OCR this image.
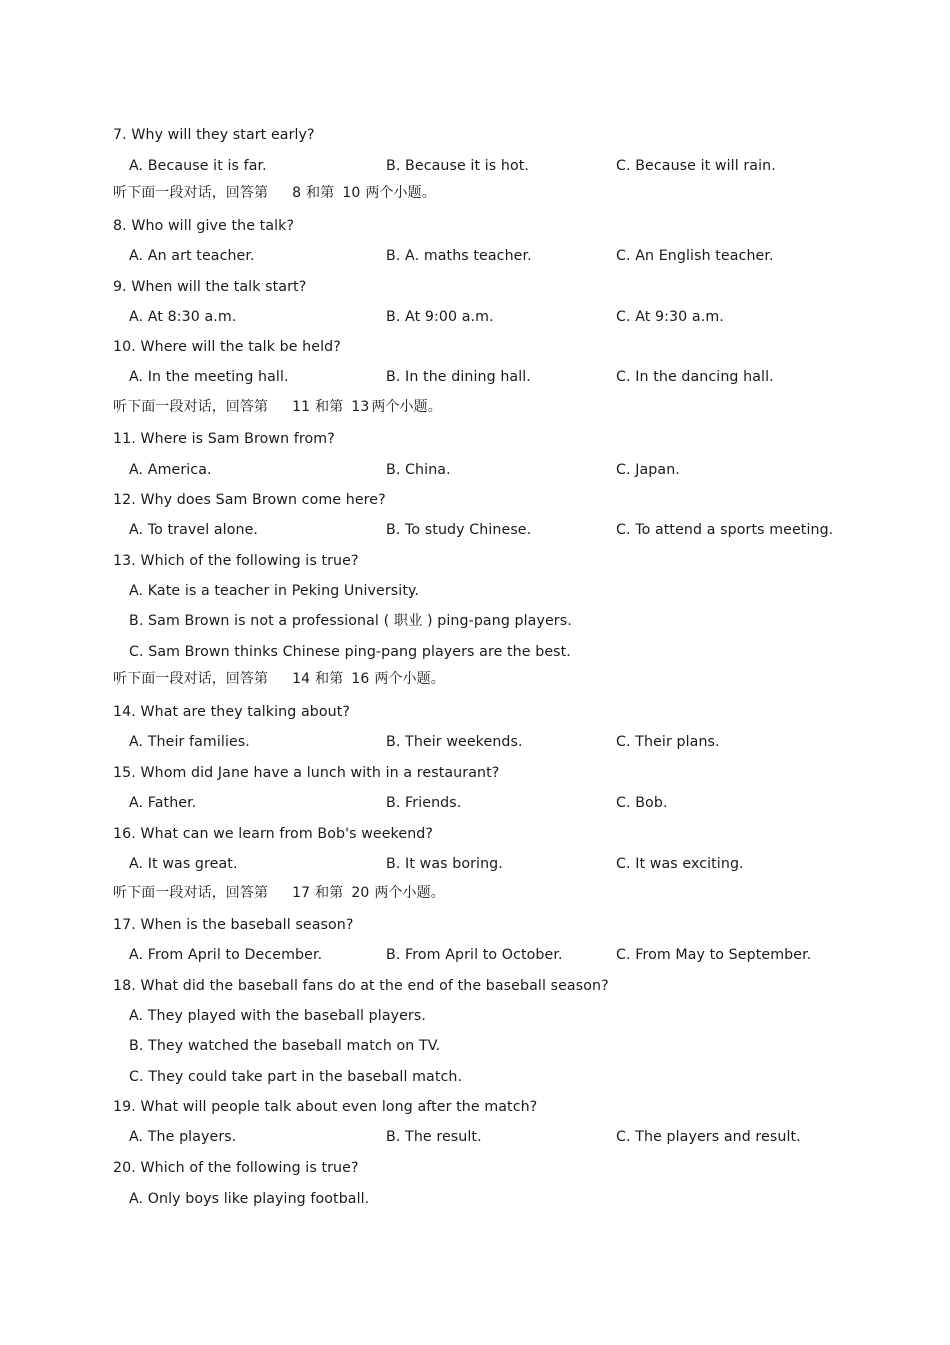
7. Why will they start early?
A. Because it is far.	B. Because it is hot.	C. Because it will rain.
听下面一段对话，回答第 8 和第 10 两个小题。
8. Who will give the talk?
A. An art teacher.	B. A. maths teacher.	C. An English teacher.
9. When will the talk start?
A. At 8:30 a.m.	B. At 9:00 a.m.	C. At 9:30 a.m.
10. Where will the talk be held?
A. In the meeting hall.	B. In the dining hall.	C. In the dancing hall.
听下面一段对话，回答第 11 和第 13 两个小题。
11. Where is Sam Brown from?
A. America.	B. China.	C. Japan.
12. Why does Sam Brown come here?
A. To travel alone.	B. To study Chinese.	C. To attend a sports meeting.
13. Which of the following is true?
A. Kate is a teacher in Peking University.
B. Sam Brown is not a professional ( 职业 ) ping-pang players.
C. Sam Brown thinks Chinese ping-pang players are the best.
听下面一段对话，回答第 14 和第 16 两个小题。
14. What are they talking about?
A. Their families.	B. Their weekends.	C. Their plans.
15. Whom did Jane have a lunch with in a restaurant?
A. Father.	B. Friends.	C. Bob.
16. What can we learn from Bob's weekend?
A. It was great.	B. It was boring.	C. It was exciting.
听下面一段对话，回答第 17 和第 20 两个小题。
17. When is the baseball season?
A. From April to December.	B. From April to October.	C. From May to September.
18. What did the baseball fans do at the end of the baseball season?
A. They played with the baseball players.
B. They watched the baseball match on TV.
C. They could take part in the baseball match.
19. What will people talk about even long after the match?
A. The players.	B. The result.	C. The players and result.
20. Which of the following is true?
A. Only boys like playing football.
